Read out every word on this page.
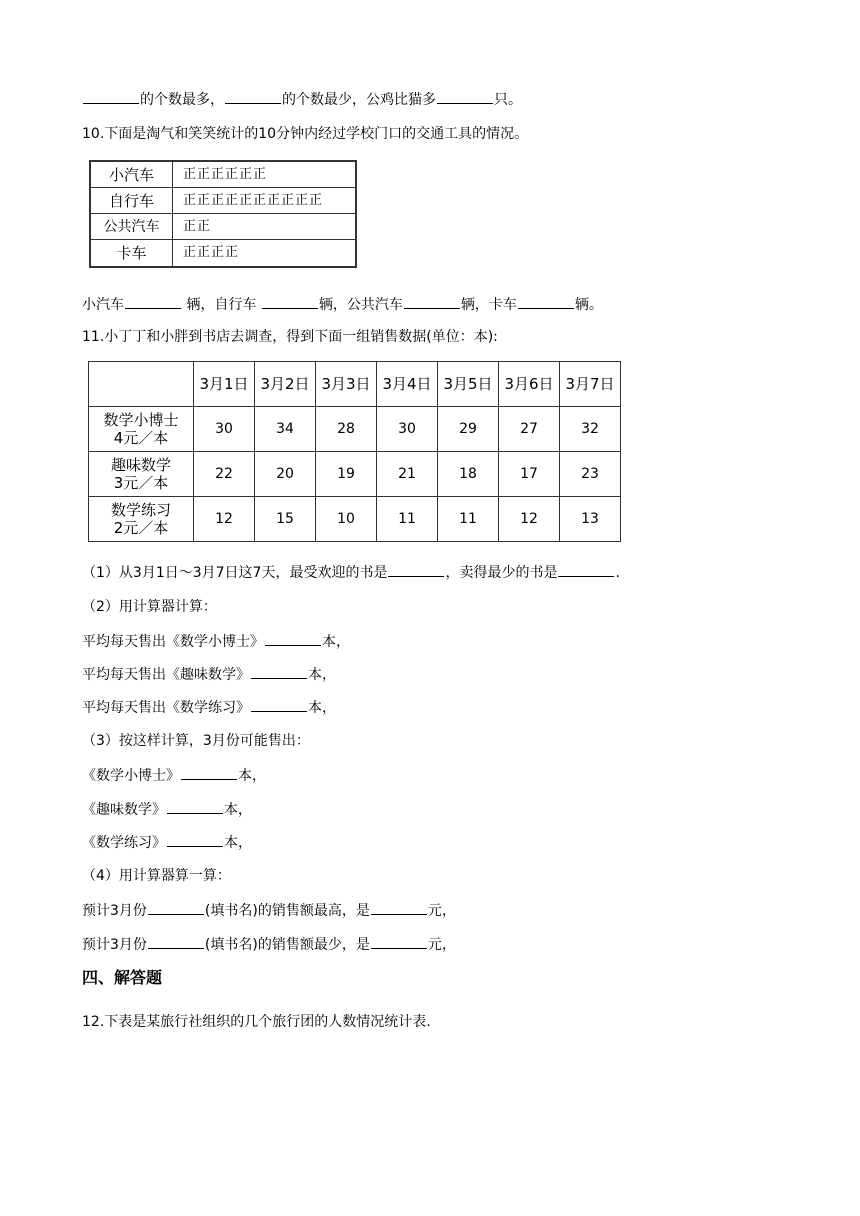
的个数最多，	的个数最少，公鸡比猫多	只。
10.下面是淘气和笑笑统计的10分钟内经过学校门口的交通工具的情况。
小汽车	正正正正正正
自行车	正正正正正正正正正正
公共汽车	正正
卡车	正正正正
小汽车	辆，自行车	辆，公共汽车	辆，卡车	辆。
11.小丁丁和小胖到书店去调查，得到下面一组销售数据(单位：本):
	3月1日	3月2日	3月3日	3月4日	3月5日	3月6日	3月7日

数学小博士
4元／本	30	34	28	30	29	27	32

趣味数学
3元／本	22	20	19	21	18	17	23

数学练习
2元／本	12	15	10	11	11	12	13
（1）从3月1日～3月7日这7天，最受欢迎的书是	，卖得最少的书是	.
（2）用计算器计算：
平均每天售出《数学小博士》	本，
平均每天售出《趣味数学》	本，
平均每天售出《数学练习》	本，
（3）按这样计算，3月份可能售出：
《数学小博士》	本，
《趣味数学》	本，
《数学练习》	本，
（4）用计算器算一算：
预计3月份	(填书名)的销售额最高，是	元，
预计3月份	(填书名)的销售额最少，是	元，
四、解答题
12.下表是某旅行社组织的几个旅行团的人数情况统计表.
